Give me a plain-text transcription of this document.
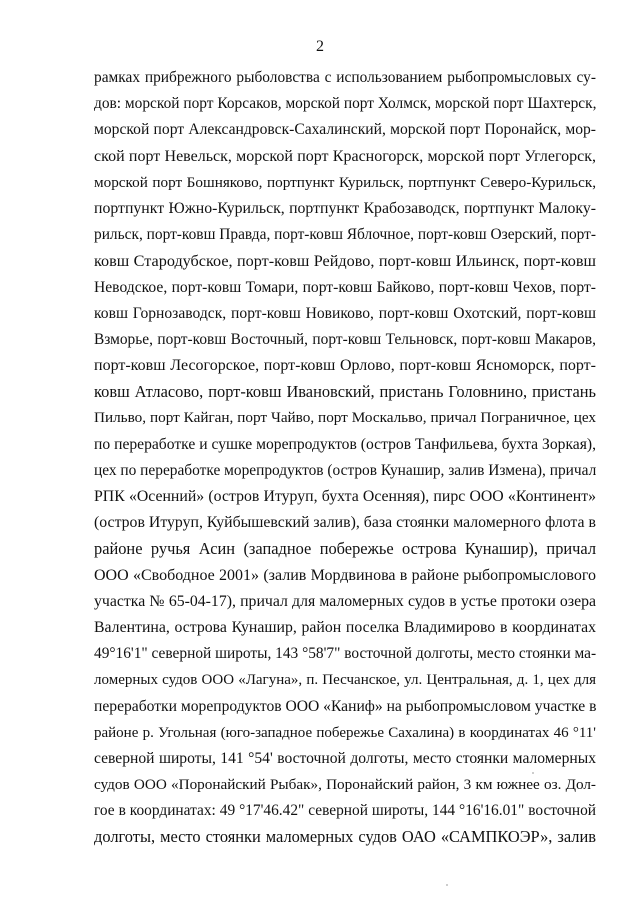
2
рамках прибрежного рыболовства с использованием рыбопромысловых су-
дов: морской порт Корсаков, морской порт Холмск, морской порт Шахтерск,
морской порт Александровск-Сахалинский, морской порт Поронайск, мор-
ской порт Невельск, морской порт Красногорск, морской порт Углегорск,
морской порт Бошняково, портпункт Курильск, портпункт Северо-Курильск,
портпункт Южно-Курильск, портпункт Крабозаводск, портпункт Малоку-
рильск, порт-ковш Правда, порт-ковш Яблочное, порт-ковш Озерский, порт-
ковш Стародубское, порт-ковш Рейдово, порт-ковш Ильинск, порт-ковш
Неводское, порт-ковш Томари, порт-ковш Байково, порт-ковш Чехов, порт-
ковш Горнозаводск, порт-ковш Новиково, порт-ковш Охотский, порт-ковш
Взморье, порт-ковш Восточный, порт-ковш Тельновск, порт-ковш Макаров,
порт-ковш Лесогорское, порт-ковш Орлово, порт-ковш Ясноморск, порт-
ковш Атласово, порт-ковш Ивановский, пристань Головнино, пристань
Пильво, порт Кайган, порт Чайво, порт Москальво, причал Пограничное, цех
по переработке и сушке морепродуктов (остров Танфильева, бухта Зоркая),
цех по переработке морепродуктов (остров Кунашир, залив Измена), причал
РПК «Осенний» (остров Итуруп, бухта Осенняя), пирс ООО «Континент»
(остров Итуруп, Куйбышевский залив), база стоянки маломерного флота в
районе ручья Асин (западное побережье острова Кунашир), причал
ООО «Свободное 2001» (залив Мордвинова в районе рыбопромыслового
участка № 65-04-17), причал для маломерных судов в устье протоки озера
Валентина, острова Кунашир, район поселка Владимирово в координатах
49°16'1" северной широты, 143 °58'7" восточной долготы, место стоянки ма-
ломерных судов ООО «Лагуна», п. Песчанское, ул. Центральная, д. 1, цех для
переработки морепродуктов ООО «Каниф» на рыбопромысловом участке в
районе р. Угольная (юго-западное побережье Сахалина) в координатах 46 °11'
северной широты, 141 °54' восточной долготы, место стоянки маломерных
судов ООО «Поронайский Рыбак», Поронайский район, 3 км южнее оз. Дол-
гое в координатах: 49 °17'46.42" северной широты, 144 °16'16.01" восточной
долготы, место стоянки маломерных судов ОАО «САМПКОЭР», залив
